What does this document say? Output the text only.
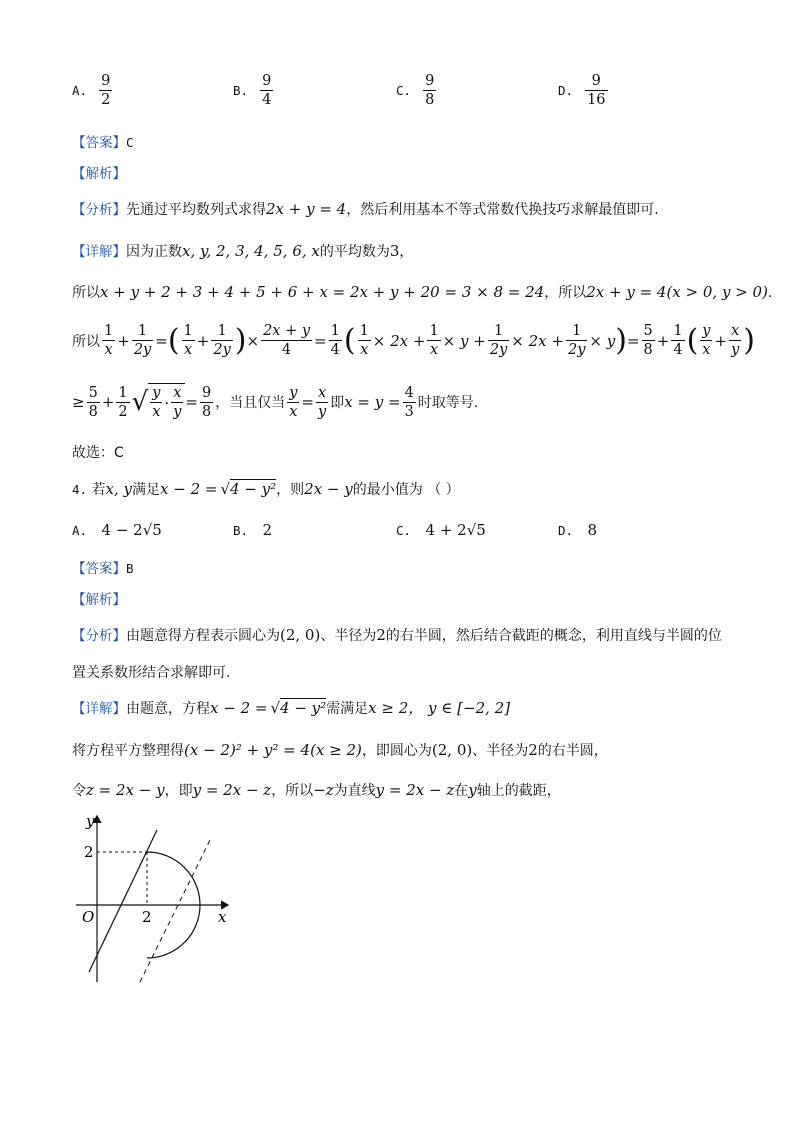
A. $\frac{9}{2}$	B. $\frac{9}{4}$	C. $\frac{9}{8}$	D. $\frac{9}{16}$
【答案】C
【解析】
【分析】先通过平均数列式求得2x + y = 4，然后利用基本不等式常数代换技巧求解最值即可.
【详解】因为正数x, y, 2, 3, 4, 5, 6, x的平均数为3，
所以x + y + 2 + 3 + 4 + 5 + 6 + x = 2x + y + 20 = 3 × 8 = 24，所以2x + y = 4(x > 0, y > 0).
所以 $\frac{1}{x} + \frac{1}{2y}$ = ( $\frac{1}{x} + \frac{1}{2y}$ ) × $\frac{2x + y}{4} = \frac{1}{4}$ ( $\frac{1}{x} \times 2x + \frac{1}{x} \times y + \frac{1}{2y} \times 2x + \frac{1}{2y} \times y$ ) = $\frac{5}{8} + \frac{1}{4}$ ( $\frac{y}{x} + \frac{x}{y}$ )
≥ $\frac{5}{8} + \frac{1}{2}$ √ $\frac{y}{x} \cdot \frac{x}{y} = \frac{9}{8}$ ，当且仅当 $\frac{y}{x} = \frac{x}{y}$ 即 $x = y = \frac{4}{3}$ 时取等号.
故选：C
4. 若x, y满足x − 2 = √4 − y²，则2x − y的最小值为 （ ）
A. 4 − 2√5	B. 2	C. 4 + 2√5	D. 8
【答案】B
【解析】
【分析】由题意得方程表示圆心为(2, 0)、半径为2的右半圆，然后结合截距的概念，利用直线与半圆的位
置关系数形结合求解即可.
【详解】由题意，方程x − 2 = √4 − y²需满足x ≥ 2， y ∈ [−2, 2]
将方程平方整理得(x − 2)² + y² = 4(x ≥ 2)，即圆心为(2, 0)、半径为2的右半圆，
令z = 2x − y，即y = 2x − z，所以−z为直线y = 2x − z在y轴上的截距，
y
x
O
2
2
